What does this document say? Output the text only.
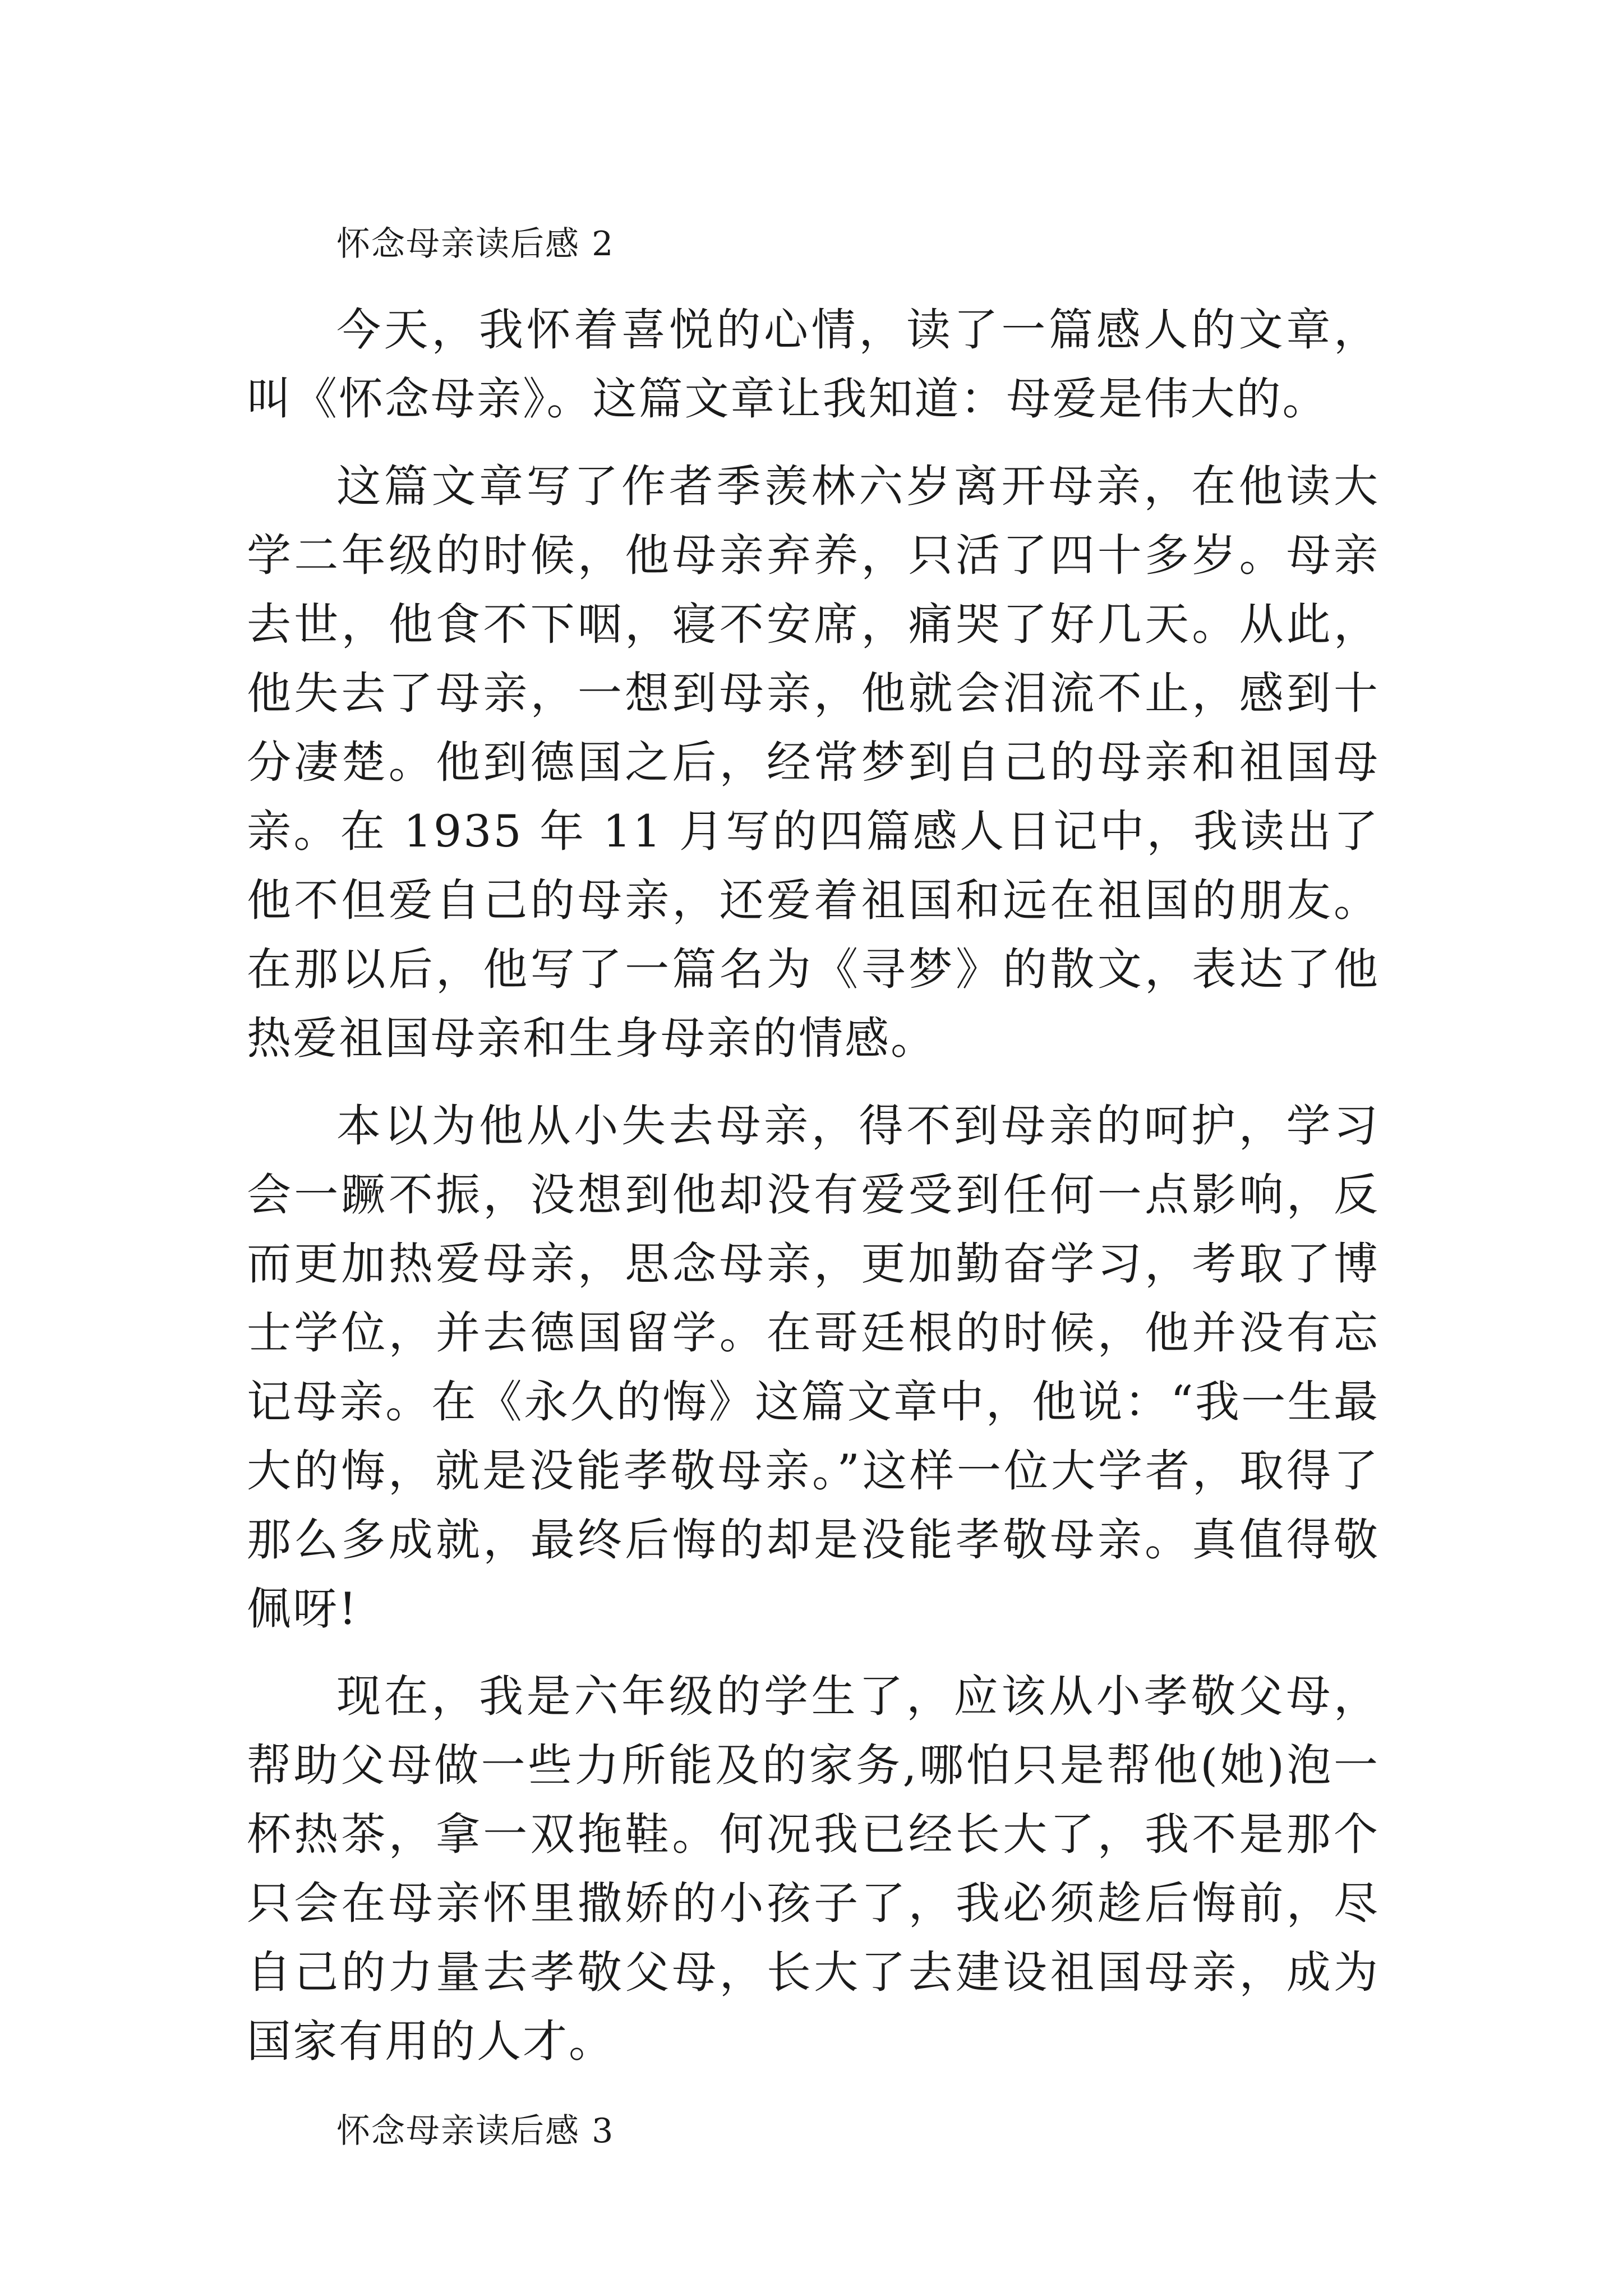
怀念母亲读后感 2

今天，我怀着喜悦的心情，读了一篇感人的文章，叫《怀念母亲》。这篇文章让我知道：母爱是伟大的。

这篇文章写了作者季羡林六岁离开母亲，在他读大学二年级的时候，他母亲弃养，只活了四十多岁。母亲去世，他食不下咽，寝不安席，痛哭了好几天。从此，他失去了母亲，一想到母亲，他就会泪流不止，感到十分凄楚。他到德国之后，经常梦到自己的母亲和祖国母亲。在 1935 年 11 月写的四篇感人日记中，我读出了他不但爱自己的母亲，还爱着祖国和远在祖国的朋友。在那以后，他写了一篇名为《寻梦》的散文，表达了他热爱祖国母亲和生身母亲的情感。

本以为他从小失去母亲，得不到母亲的呵护，学习会一蹶不振，没想到他却没有爱受到任何一点影响，反而更加热爱母亲，思念母亲，更加勤奋学习，考取了博士学位，并去德国留学。在哥廷根的时候，他并没有忘记母亲。在《永久的悔》这篇文章中，他说：“我一生最大的悔，就是没能孝敬母亲。”这样一位大学者，取得了那么多成就，最终后悔的却是没能孝敬母亲。真值得敬佩呀!

现在，我是六年级的学生了，应该从小孝敬父母，帮助父母做一些力所能及的家务,哪怕只是帮他(她)泡一杯热茶，拿一双拖鞋。何况我已经长大了，我不是那个只会在母亲怀里撒娇的小孩子了，我必须趁后悔前，尽自己的力量去孝敬父母，长大了去建设祖国母亲，成为国家有用的人才。

怀念母亲读后感 3
